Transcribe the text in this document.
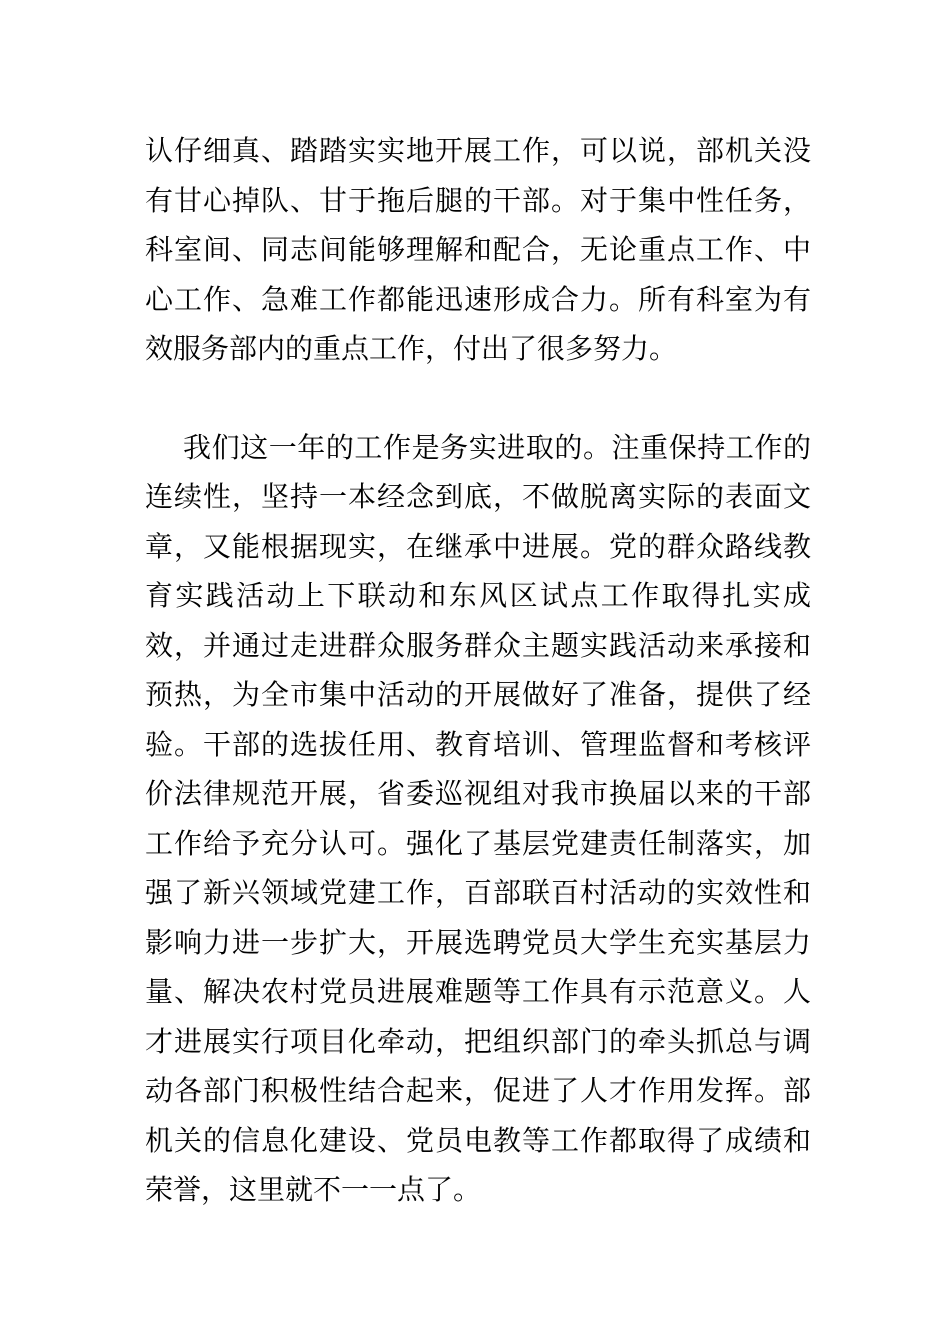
认仔细真、踏踏实实地开展工作，可以说，部机关没有甘心掉队、甘于拖后腿的干部。对于集中性任务，科室间、同志间能够理解和配合，无论重点工作、中心工作、急难工作都能迅速形成合力。所有科室为有效服务部内的重点工作，付出了很多努力。

我们这一年的工作是务实进取的。注重保持工作的连续性，坚持一本经念到底，不做脱离实际的表面文章，又能根据现实，在继承中进展。党的群众路线教育实践活动上下联动和东风区试点工作取得扎实成效，并通过走进群众服务群众主题实践活动来承接和预热，为全市集中活动的开展做好了准备，提供了经验。干部的选拔任用、教育培训、管理监督和考核评价法律规范开展，省委巡视组对我市换届以来的干部工作给予充分认可。强化了基层党建责任制落实，加强了新兴领域党建工作，百部联百村活动的实效性和影响力进一步扩大，开展选聘党员大学生充实基层力量、解决农村党员进展难题等工作具有示范意义。人才进展实行项目化牵动，把组织部门的牵头抓总与调动各部门积极性结合起来，促进了人才作用发挥。部机关的信息化建设、党员电教等工作都取得了成绩和荣誉，这里就不一一点了。
